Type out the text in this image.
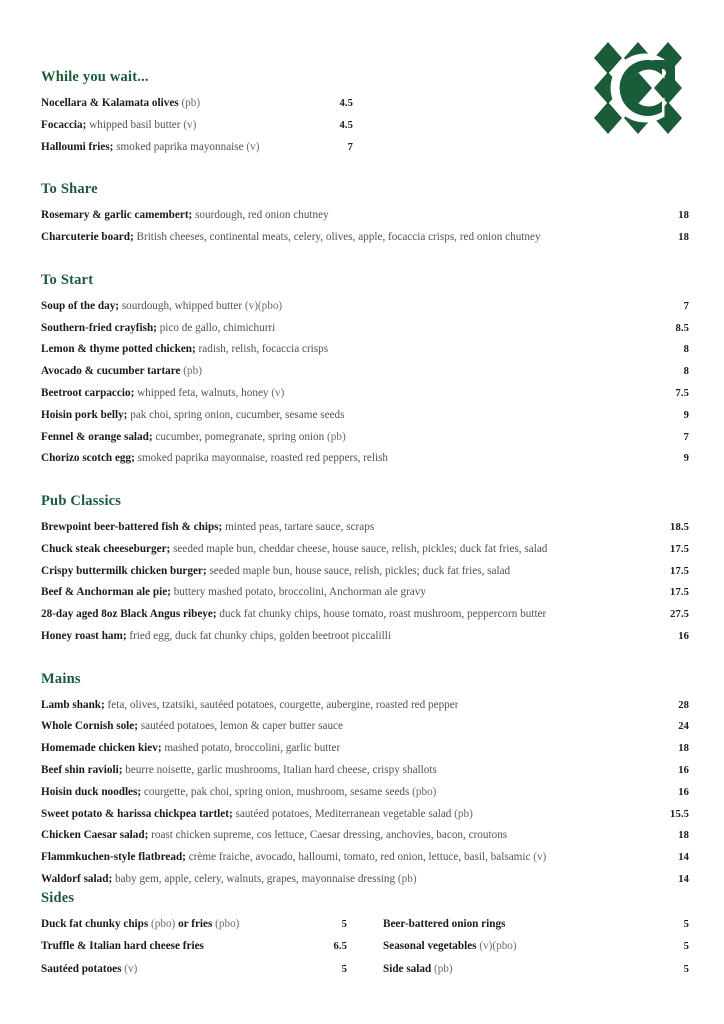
While you wait...
Nocellara & Kalamata olives (pb)	4.5
Focaccia; whipped basil butter (v)	4.5
Halloumi fries; smoked paprika mayonnaise (v)	7
To Share
Rosemary & garlic camembert; sourdough, red onion chutney	18
Charcuterie board; British cheeses, continental meats, celery, olives, apple, focaccia crisps, red onion chutney	18
To Start
Soup of the day; sourdough, whipped butter (v)(pbo)	7
Southern-fried crayfish; pico de gallo, chimichurri	8.5
Lemon & thyme potted chicken; radish, relish, focaccia crisps	8
Avocado & cucumber tartare (pb)	8
Beetroot carpaccio; whipped feta, walnuts, honey (v)	7.5
Hoisin pork belly; pak choi, spring onion, cucumber, sesame seeds	9
Fennel & orange salad; cucumber, pomegranate, spring onion (pb)	7
Chorizo scotch egg; smoked paprika mayonnaise, roasted red peppers, relish	9
Pub Classics
Brewpoint beer-battered fish & chips; minted peas, tartare sauce, scraps	18.5
Chuck steak cheeseburger; seeded maple bun, cheddar cheese, house sauce, relish, pickles; duck fat fries, salad	17.5
Crispy buttermilk chicken burger; seeded maple bun, house sauce, relish, pickles; duck fat fries, salad	17.5
Beef & Anchorman ale pie; buttery mashed potato, broccolini, Anchorman ale gravy	17.5
28-day aged 8oz Black Angus ribeye; duck fat chunky chips, house tomato, roast mushroom, peppercorn butter	27.5
Honey roast ham; fried egg, duck fat chunky chips, golden beetroot piccalilli	16
Mains
Lamb shank; feta, olives, tzatsiki, sautéed potatoes, courgette, aubergine, roasted red pepper	28
Whole Cornish sole; sautéed potatoes, lemon & caper butter sauce	24
Homemade chicken kiev; mashed potato, broccolini, garlic butter	18
Beef shin ravioli; beurre noisette, garlic mushrooms, Italian hard cheese, crispy shallots	16
Hoisin duck noodles; courgette, pak choi, spring onion, mushroom, sesame seeds (pbo)	16
Sweet potato & harissa chickpea tartlet; sautéed potatoes, Mediterranean vegetable salad (pb)	15.5
Chicken Caesar salad; roast chicken supreme, cos lettuce, Caesar dressing, anchovies, bacon, croutons	18
Flammkuchen-style flatbread; crème fraiche, avocado, halloumi, tomato, red onion, lettuce, basil, balsamic (v)	14
Waldorf salad; baby gem, apple, celery, walnuts, grapes, mayonnaise dressing (pb)	14
Sides
Duck fat chunky chips (pbo) or fries (pbo)	5
Truffle & Italian hard cheese fries	6.5
Sautéed potatoes (v)	5
Beer-battered onion rings	5
Seasonal vegetables (v)(pbo)	5
Side salad (pb)	5
